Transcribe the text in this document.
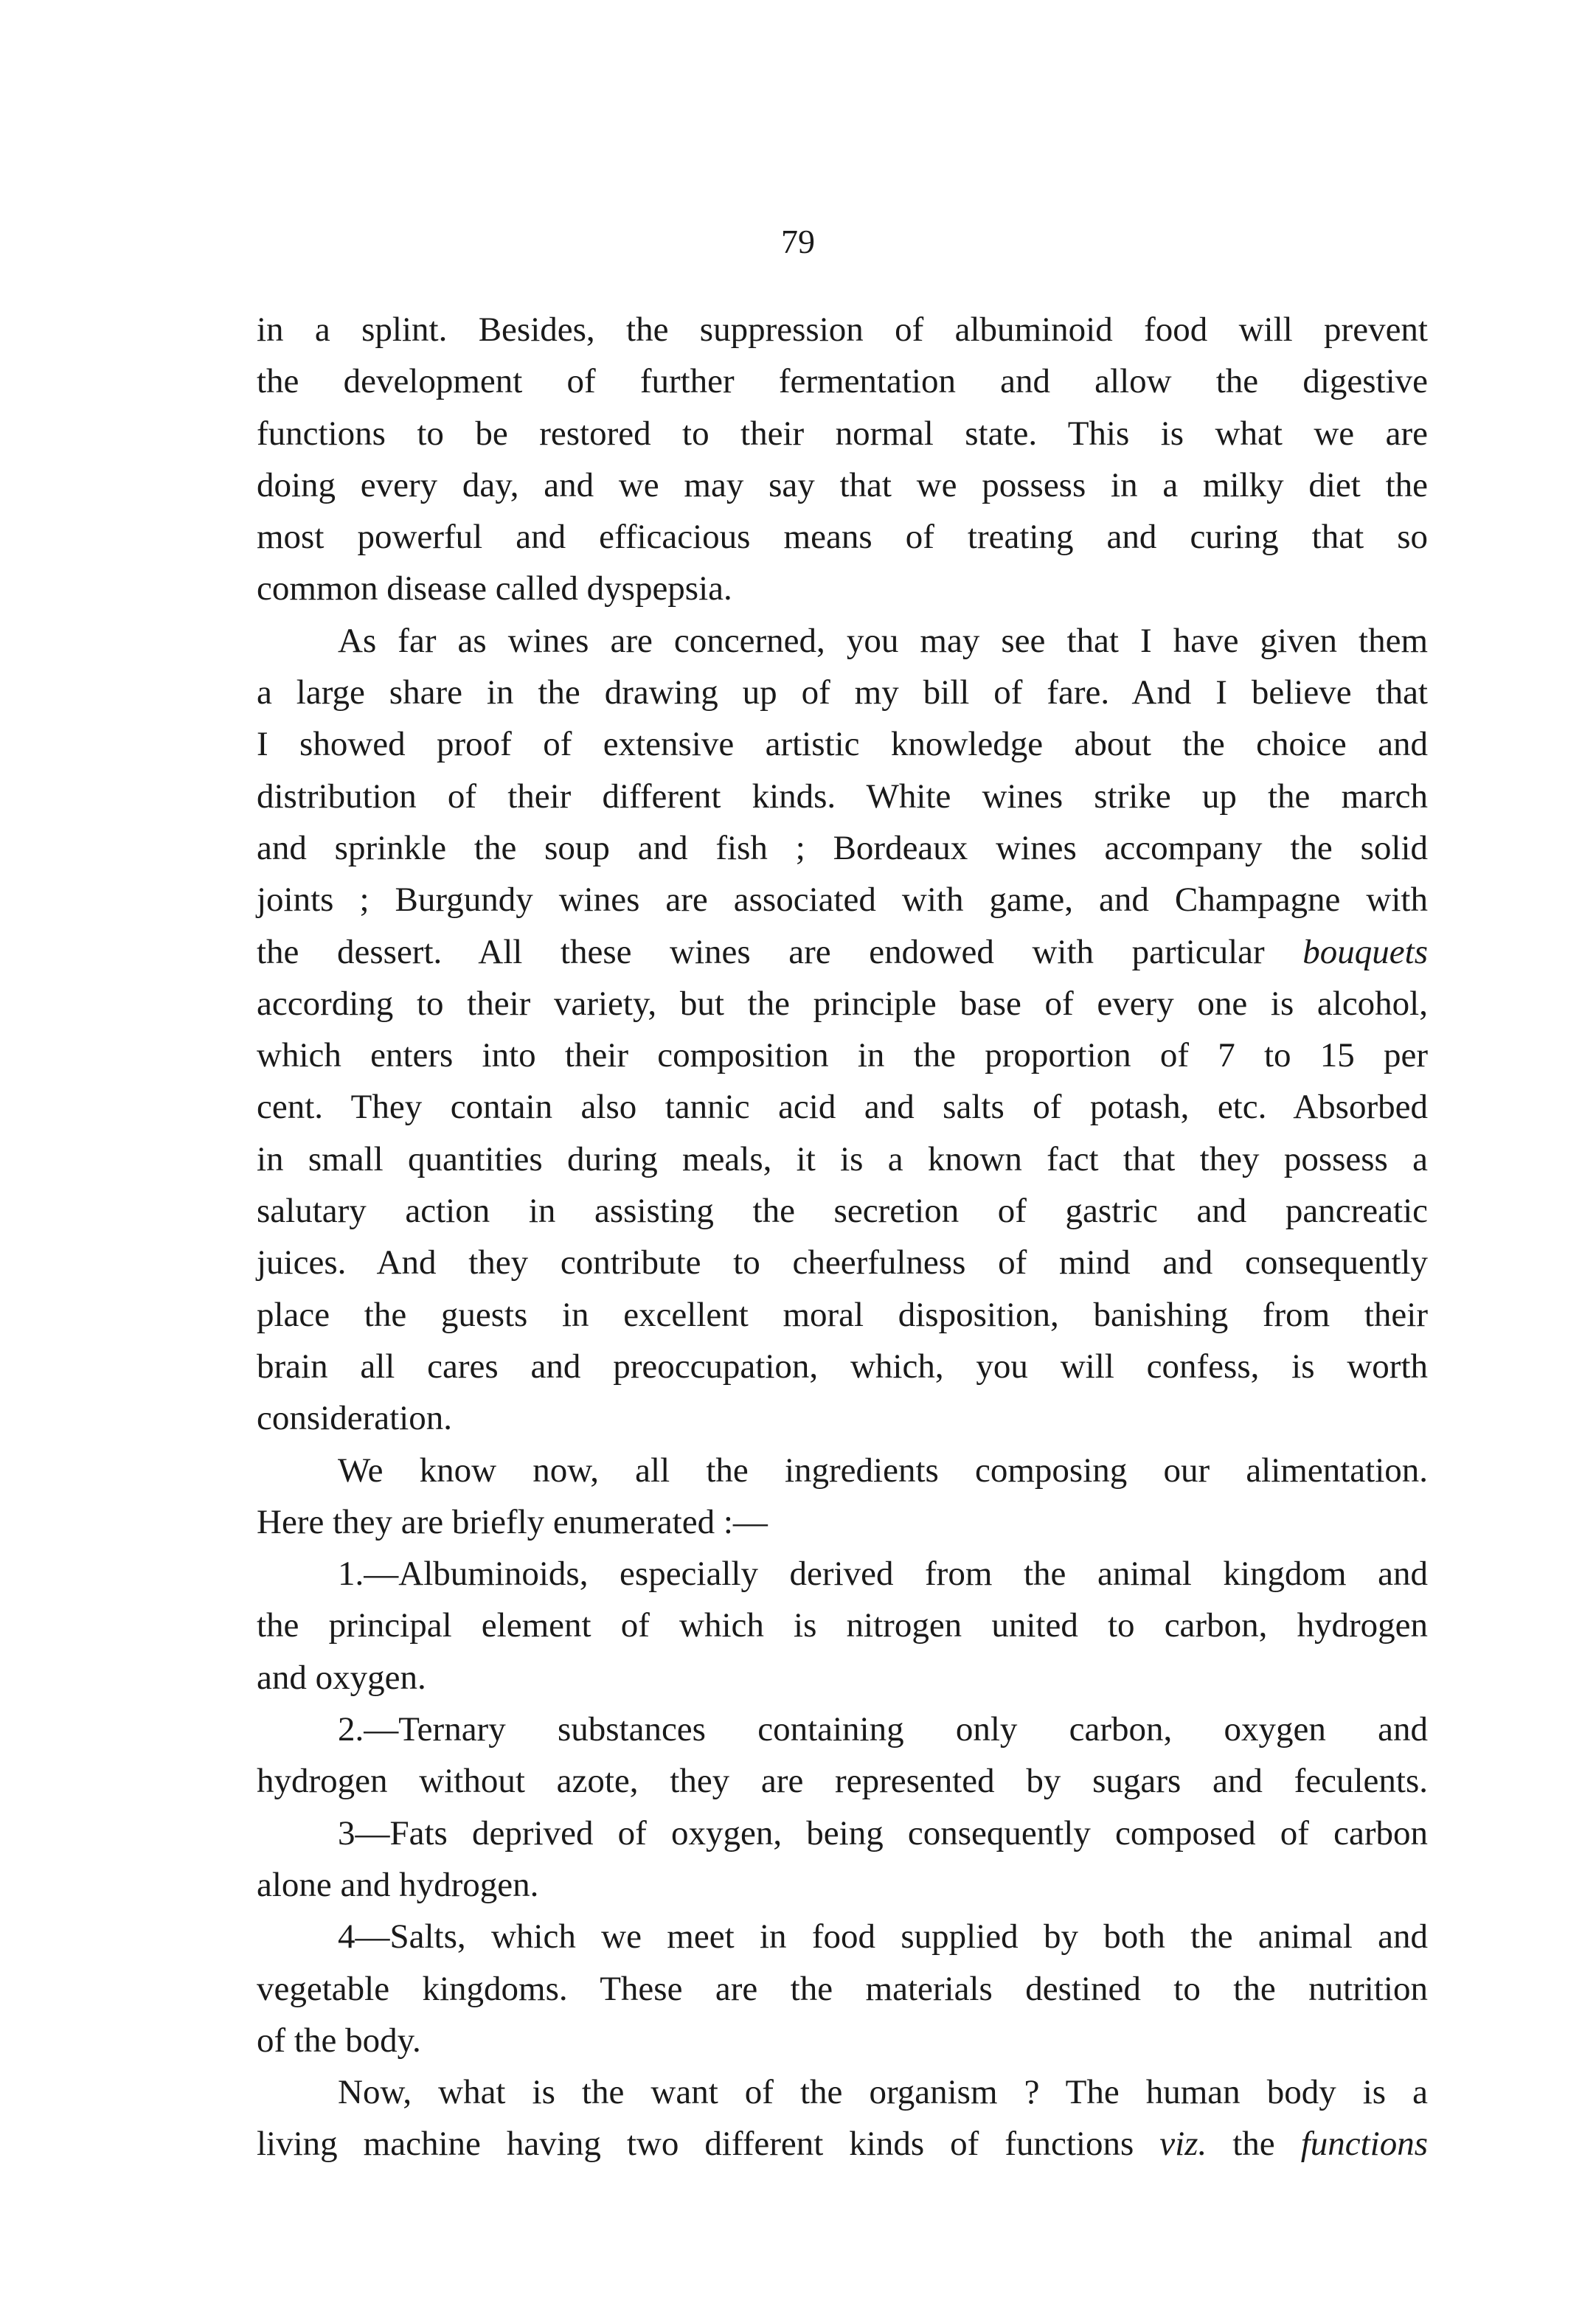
79
in a splint. Besides, the suppression of albuminoid food will prevent
the development of further fermentation and allow the digestive
functions to be restored to their normal state. This is what we are
doing every day, and we may say that we possess in a milky diet the
most powerful and efficacious means of treating and curing that so
common disease called dyspepsia.
As far as wines are concerned, you may see that I have given them
a large share in the drawing up of my bill of fare. And I believe that
I showed proof of extensive artistic knowledge about the choice and
distribution of their different kinds. White wines strike up the march
and sprinkle the soup and fish ; Bordeaux wines accompany the solid
joints ; Burgundy wines are associated with game, and Champagne with
the dessert. All these wines are endowed with particular bouquets
according to their variety, but the principle base of every one is alcohol,
which enters into their composition in the proportion of 7 to 15 per
cent. They contain also tannic acid and salts of potash, etc. Absorbed
in small quantities during meals, it is a known fact that they possess a
salutary action in assisting the secretion of gastric and pancreatic
juices. And they contribute to cheerfulness of mind and consequently
place the guests in excellent moral disposition, banishing from their
brain all cares and preoccupation, which, you will confess, is worth
consideration.
We know now, all the ingredients composing our alimentation.
Here they are briefly enumerated :—
1.—Albuminoids, especially derived from the animal kingdom and
the principal element of which is nitrogen united to carbon, hydrogen
and oxygen.
2.—Ternary substances containing only carbon, oxygen and
hydrogen without azote, they are represented by sugars and feculents.
3—Fats deprived of oxygen, being consequently composed of carbon
alone and hydrogen.
4—Salts, which we meet in food supplied by both the animal and
vegetable kingdoms. These are the materials destined to the nutrition
of the body.
Now, what is the want of the organism ? The human body is a
living machine having two different kinds of functions viz. the functions
